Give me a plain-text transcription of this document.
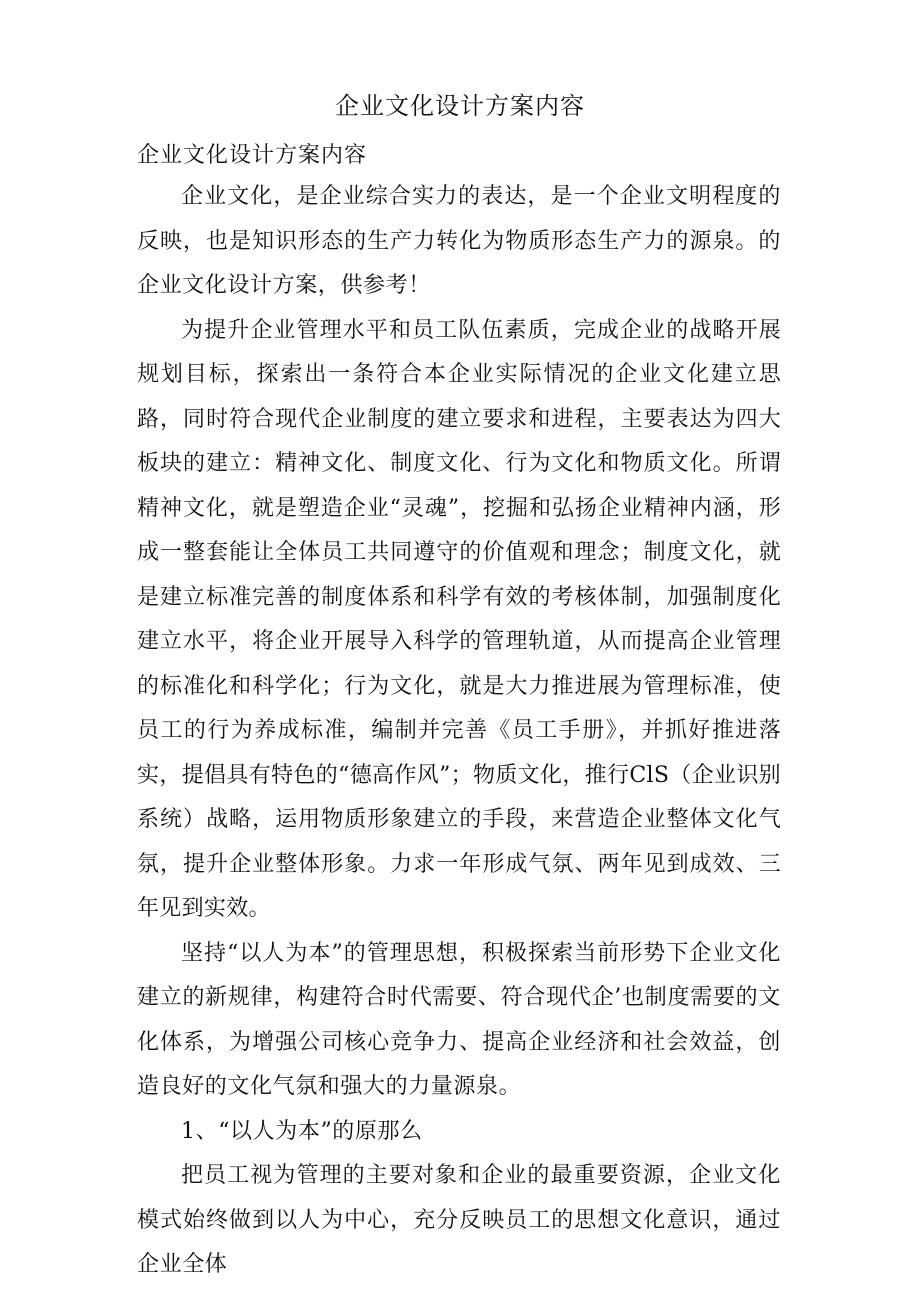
企业文化设计方案内容
企业文化设计方案内容

企业文化，是企业综合实力的表达，是一个企业文明程度的反映，也是知识形态的生产力转化为物质形态生产力的源泉。的企业文化设计方案，供参考！

为提升企业管理水平和员工队伍素质，完成企业的战略开展规划目标，探索出一条符合本企业实际情况的企业文化建立思路，同时符合现代企业制度的建立要求和进程，主要表达为四大板块的建立：精神文化、制度文化、行为文化和物质文化。所谓精神文化，就是塑造企业“灵魂”，挖掘和弘扬企业精神内涵，形成一整套能让全体员工共同遵守的价值观和理念；制度文化，就是建立标准完善的制度体系和科学有效的考核体制，加强制度化建立水平，将企业开展导入科学的管理轨道，从而提高企业管理的标准化和科学化；行为文化，就是大力推进展为管理标准，使员工的行为养成标准，编制并完善《员工手册》，并抓好推进落实，提倡具有特色的“德高作风”；物质文化，推行ClS（企业识别系统）战略，运用物质形象建立的手段，来营造企业整体文化气氛，提升企业整体形象。力求一年形成气氛、两年见到成效、三年见到实效。

坚持“以人为本”的管理思想，积极探索当前形势下企业文化建立的新规律，构建符合时代需要、符合现代企’也制度需要的文化体系，为增强公司核心竞争力、提高企业经济和社会效益，创造良好的文化气氛和强大的力量源泉。

1、“以人为本”的原那么

把员工视为管理的主要对象和企业的最重要资源，企业文化模式始终做到以人为中心，充分反映员工的思想文化意识，通过企业全体
